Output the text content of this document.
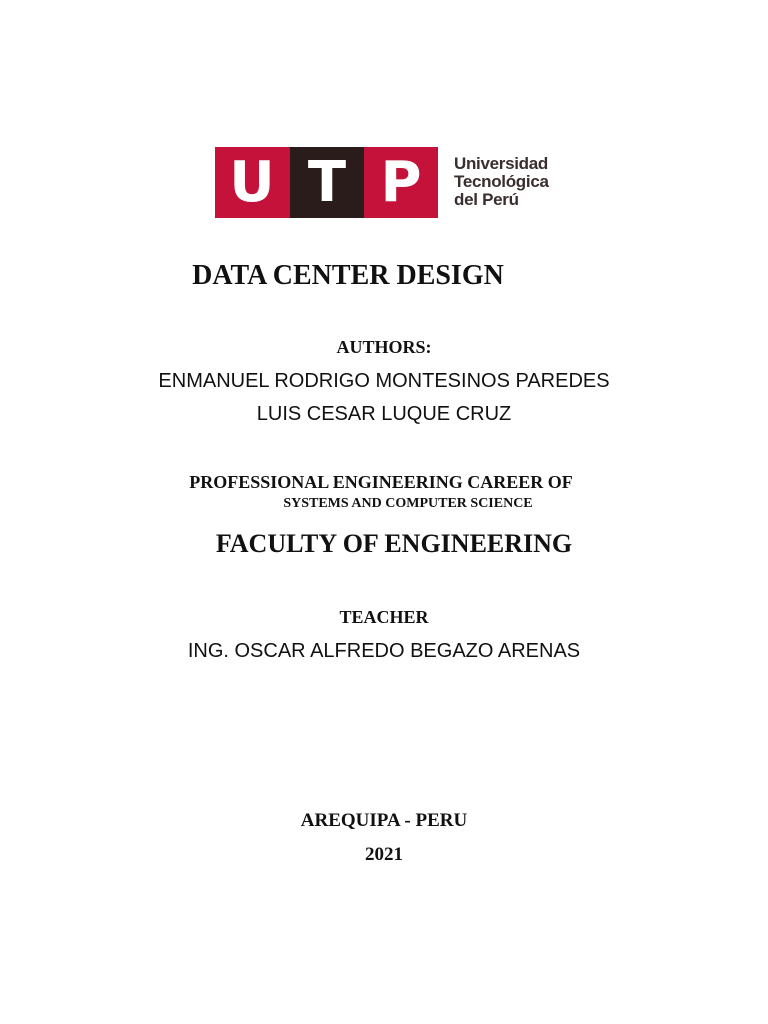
U T P	Universidad
Tecnológica
del Perú
DATA CENTER DESIGN
AUTHORS:
ENMANUEL RODRIGO MONTESINOS PAREDES
LUIS CESAR LUQUE CRUZ
PROFESSIONAL ENGINEERING CAREER OF
SYSTEMS AND COMPUTER SCIENCE
FACULTY OF ENGINEERING
TEACHER
ING. OSCAR ALFREDO BEGAZO ARENAS
AREQUIPA - PERU
2021
